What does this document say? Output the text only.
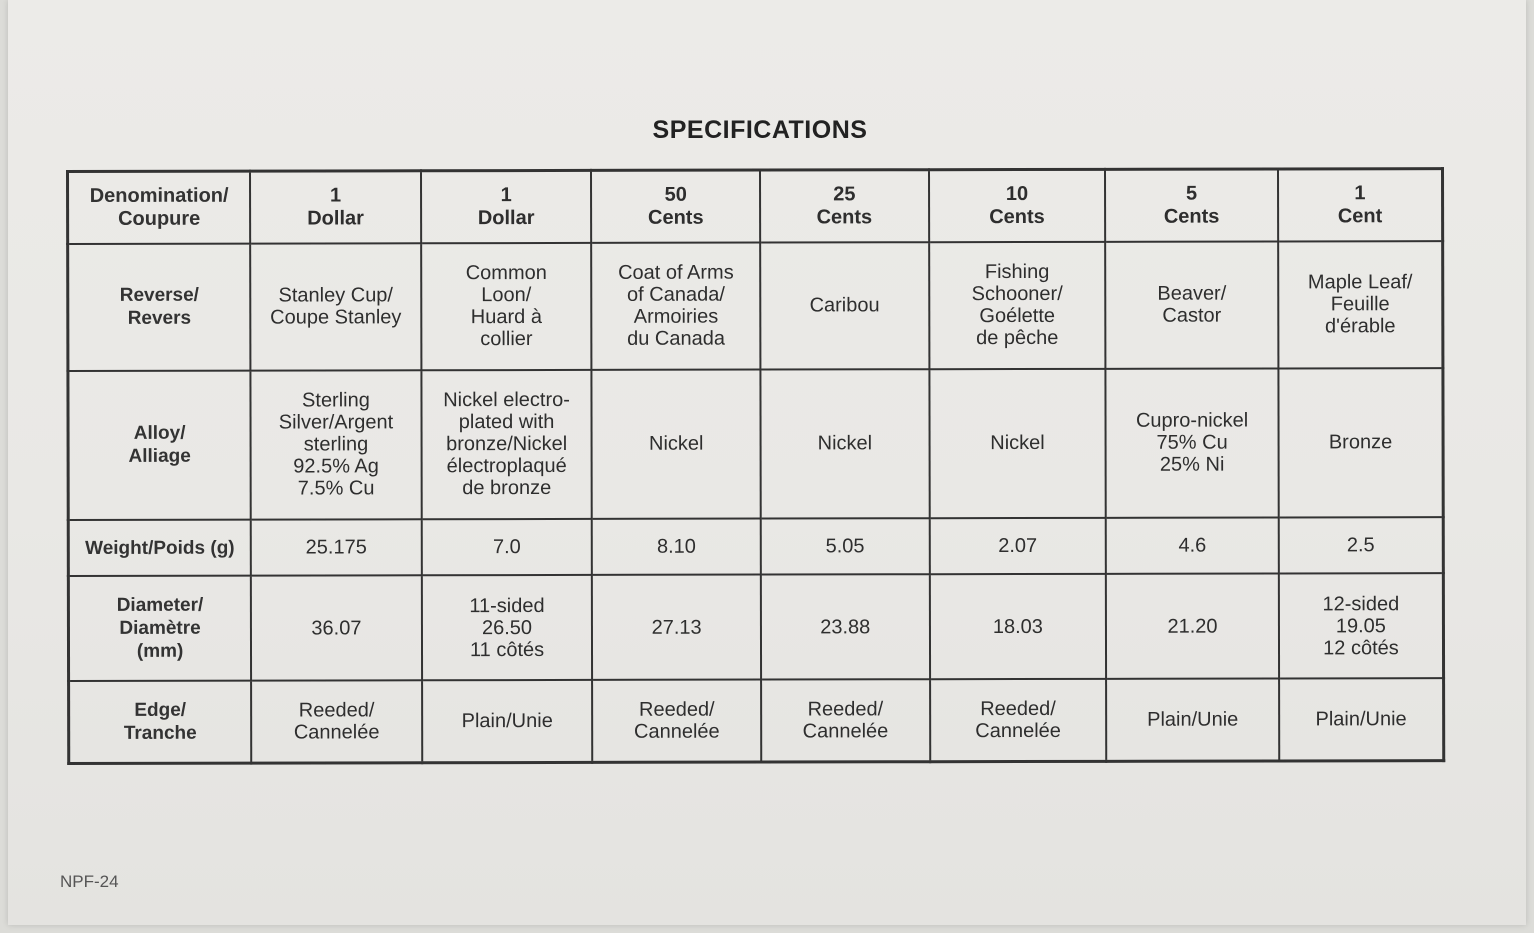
SPECIFICATIONS
Denomination/
Coupure	1
Dollar	1
Dollar	50
Cents	25
Cents	10
Cents	5
Cents	1
Cent

Reverse/
Revers	Stanley Cup/
Coupe Stanley	Common
Loon/
Huard à
collier	Coat of Arms
of Canada/
Armoiries
du Canada	Caribou	Fishing
Schooner/
Goélette
de pêche	Beaver/
Castor	Maple Leaf/
Feuille
d'érable

Alloy/
Alliage	Sterling
Silver/Argent
sterling
92.5% Ag
7.5% Cu	Nickel electro-
plated with
bronze/Nickel
électroplaqué
de bronze	Nickel	Nickel	Nickel	Cupro-nickel
75% Cu
25% Ni	Bronze

Weight/Poids (g)	25.175	7.0	8.10	5.05	2.07	4.6	2.5

Diameter/
Diamètre
(mm)	36.07	11-sided
26.50
11 côtés	27.13	23.88	18.03	21.20	12-sided
19.05
12 côtés

Edge/
Tranche	Reeded/
Cannelée	Plain/Unie	Reeded/
Cannelée	Reeded/
Cannelée	Reeded/
Cannelée	Plain/Unie	Plain/Unie
NPF-24
